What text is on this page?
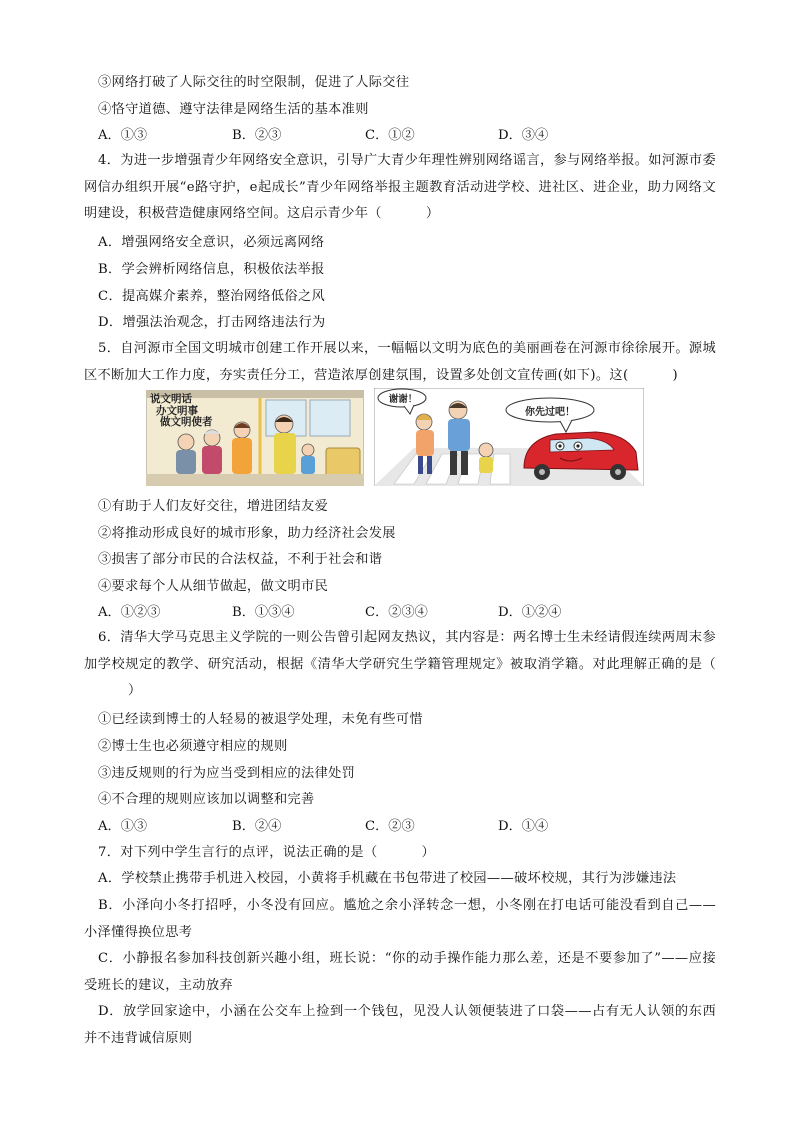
③网络打破了人际交往的时空限制，促进了人际交往
④恪守道德、遵守法律是网络生活的基本准则
A．①③	B．②③	C．①②	D．③④
4．为进一步增强青少年网络安全意识，引导广大青少年理性辨别网络谣言，参与网络举报。如河源市委网信办组织开展“e路守护，e起成长”青少年网络举报主题教育活动进学校、进社区、进企业，助力网络文明建设，积极营造健康网络空间。这启示青少年（	）
A．增强网络安全意识，必须远离网络
B．学会辨析网络信息，积极依法举报
C．提高媒介素养，整治网络低俗之风
D．增强法治观念，打击网络违法行为
5．自河源市全国文明城市创建工作开展以来，一幅幅以文明为底色的美丽画卷在河源市徐徐展开。源城区不断加大工作力度，夯实责任分工，营造浓厚创建氛围，设置多处创文宣传画(如下)。这(	)
说文明话
办文明事
做文明使者
谢谢！
你先过吧！
①有助于人们友好交往，增进团结友爱
②将推动形成良好的城市形象，助力经济社会发展
③损害了部分市民的合法权益，不利于社会和谐
④要求每个人从细节做起，做文明市民
A．①②③	B．①③④	C．②③④	D．①②④
6．清华大学马克思主义学院的一则公告曾引起网友热议，其内容是：两名博士生未经请假连续两周末参加学校规定的教学、研究活动，根据《清华大学研究生学籍管理规定》被取消学籍。对此理解正确的是（）
①已经读到博士的人轻易的被退学处理，未免有些可惜
②博士生也必须遵守相应的规则
③违反规则的行为应当受到相应的法律处罚
④不合理的规则应该加以调整和完善
A．①③	B．②④	C．②③	D．①④
7．对下列中学生言行的点评，说法正确的是（	）
A．学校禁止携带手机进入校园，小黄将手机藏在书包带进了校园——破坏校规，其行为涉嫌违法
B．小泽向小冬打招呼，小冬没有回应。尴尬之余小泽转念一想，小冬刚在打电话可能没看到自己——小泽懂得换位思考
C．小静报名参加科技创新兴趣小组，班长说：“你的动手操作能力那么差，还是不要参加了”——应接受班长的建议，主动放弃
D．放学回家途中，小涵在公交车上捡到一个钱包，见没人认领便装进了口袋——占有无人认领的东西并不违背诚信原则
